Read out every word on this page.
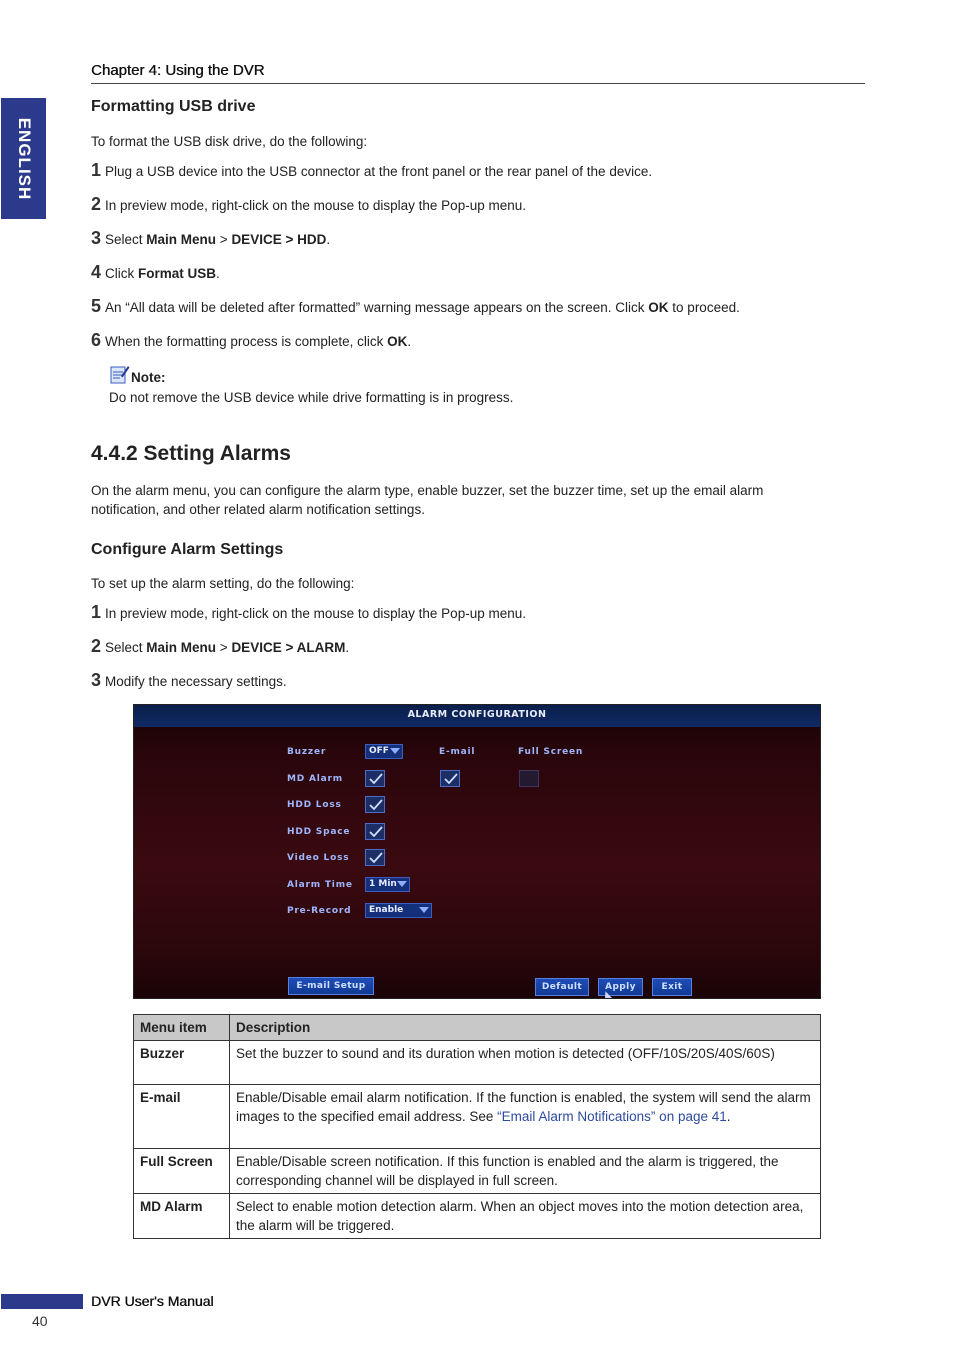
ENGLISH
Chapter 4: Using the DVR
Formatting USB drive
To format the USB disk drive, do the following:
1 Plug a USB device into the USB connector at the front panel or the rear panel of the device.
2 In preview mode, right-click on the mouse to display the Pop-up menu.
3 Select Main Menu > DEVICE > HDD.
4 Click Format USB.
5 An “All data will be deleted after formatted” warning message appears on the screen. Click OK to proceed.
6 When the formatting process is complete, click OK.
Note:
Do not remove the USB device while drive formatting is in progress.
4.4.2 Setting Alarms
On the alarm menu, you can configure the alarm type, enable buzzer, set the buzzer time, set up the email alarm notification, and other related alarm notification settings.
Configure Alarm Settings
To set up the alarm setting, do the following:
1 In preview mode, right-click on the mouse to display the Pop-up menu.
2 Select Main Menu > DEVICE > ALARM.
3 Modify the necessary settings.
ALARM CONFIGURATION
Buzzer	OFF	E-mail	Full Screen
MD Alarm
HDD Loss
HDD Space
Video Loss
Alarm Time	1 Min
Pre-Record	Enable
E-mail Setup	Default	Apply	Exit
Menu item	Description
Buzzer	Set the buzzer to sound and its duration when motion is detected (OFF/10S/20S/40S/60S)
E-mail	Enable/Disable email alarm notification. If the function is enabled, the system will send the alarm images to the specified email address. See “Email Alarm Notifications” on page 41.
Full Screen	Enable/Disable screen notification. If this function is enabled and the alarm is triggered, the corresponding channel will be displayed in full screen.
MD Alarm	Select to enable motion detection alarm. When an object moves into the motion detection area, the alarm will be triggered.
DVR User's Manual
40
